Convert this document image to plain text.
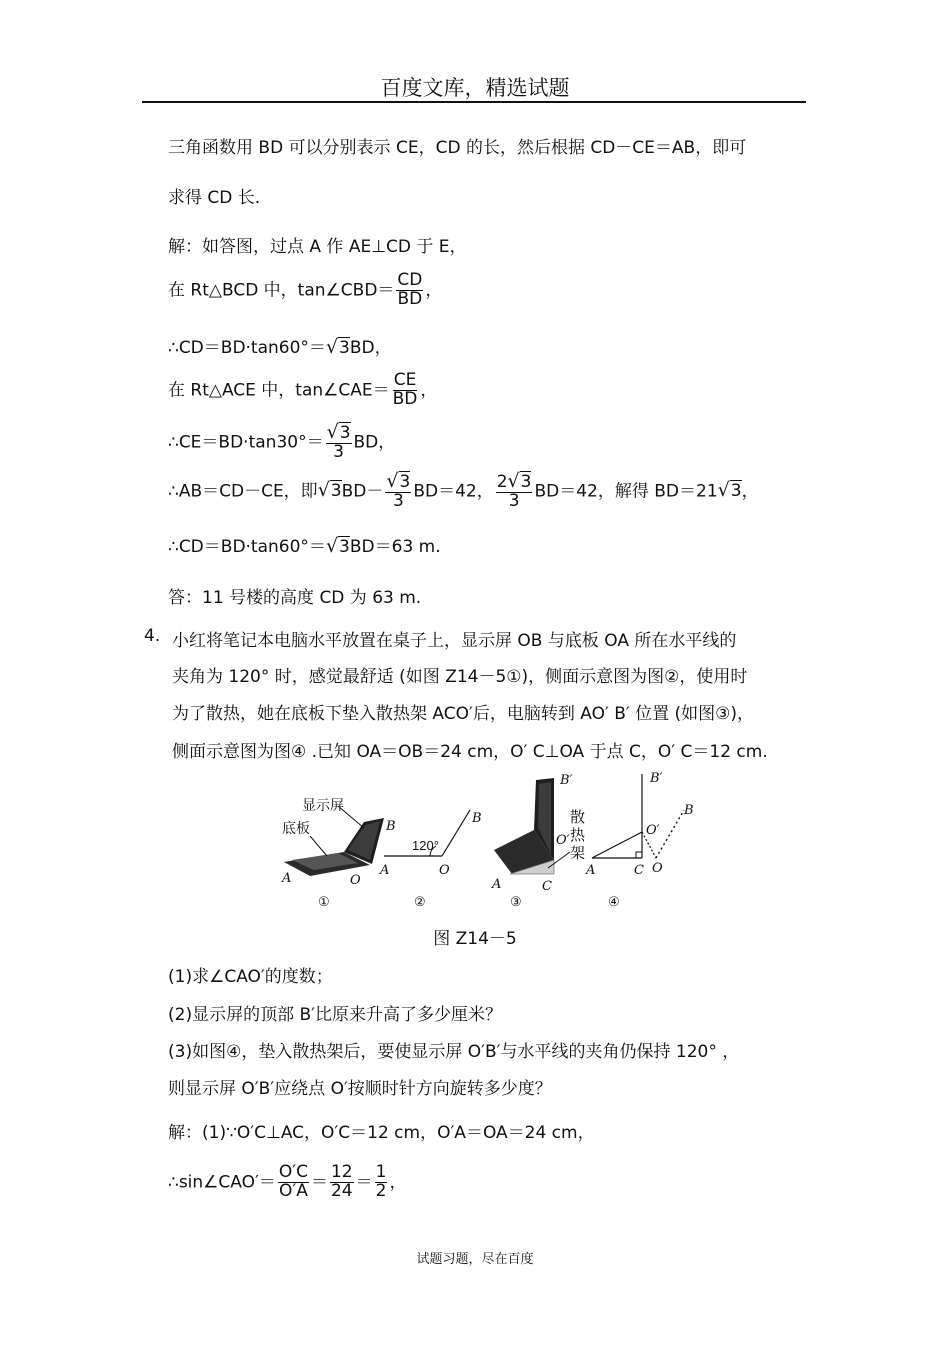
百度文库，精选试题
三角函数用 BD 可以分别表示 CE，CD 的长，然后根据 CD－CE＝AB，即可
求得 CD 长.
解：如答图，过点 A 作 AE⊥CD 于 E，
在 Rt△BCD 中，tan∠CBD＝ $\frac{CD}{BD}$ ，
∴CD＝BD·tan60°＝√3BD，
在 Rt△ACE 中，tan∠CAE＝ $\frac{CE}{BD}$ ，
∴CE＝BD·tan30°＝ $\frac{√3}{3}$ BD，
∴AB＝CD－CE，即$√3BD- \frac{√3}{3} BD=42$， $\frac{2√3}{3} BD=42$，解得 BD＝21√3，
∴CD＝BD·tan60°＝√3BD＝63 m.
答：11 号楼的高度 CD 为 63 m.
4. 小红将笔记本电脑水平放置在桌子上，显示屏 OB 与底板 OA 所在水平线的
夹角为 120° 时，感觉最舒适 (如图 Z14－5①)，侧面示意图为图②，使用时
为了散热，她在底板下垫入散热架 ACO′后，电脑转到 AO′ B′ 位置 (如图③)，
侧面示意图为图④ .已知 OA＝OB＝24 cm，O′ C⊥OA 于点 C，O′ C＝12 cm.
显示屏
底板	B
A	O
①
120°
B
A	O
②
B′
散
热
架
O′
A	C
③
B′
B
O′
A	C O
④
图 Z14－5
(1)求∠CAO′的度数；
(2)显示屏的顶部 B′比原来升高了多少厘米？
(3)如图④，垫入散热架后，要使显示屏 O′B′与水平线的夹角仍保持 120° ，
则显示屏 O′B′应绕点 O′按顺时针方向旋转多少度？
解：(1)∵O′C⊥AC，O′C＝12 cm，O′A＝OA＝24 cm，
∴sin∠CAO′＝ $\frac{O'C}{O'A} = \frac{12}{24} = \frac{1}{2}$ ，
试题习题，尽在百度
